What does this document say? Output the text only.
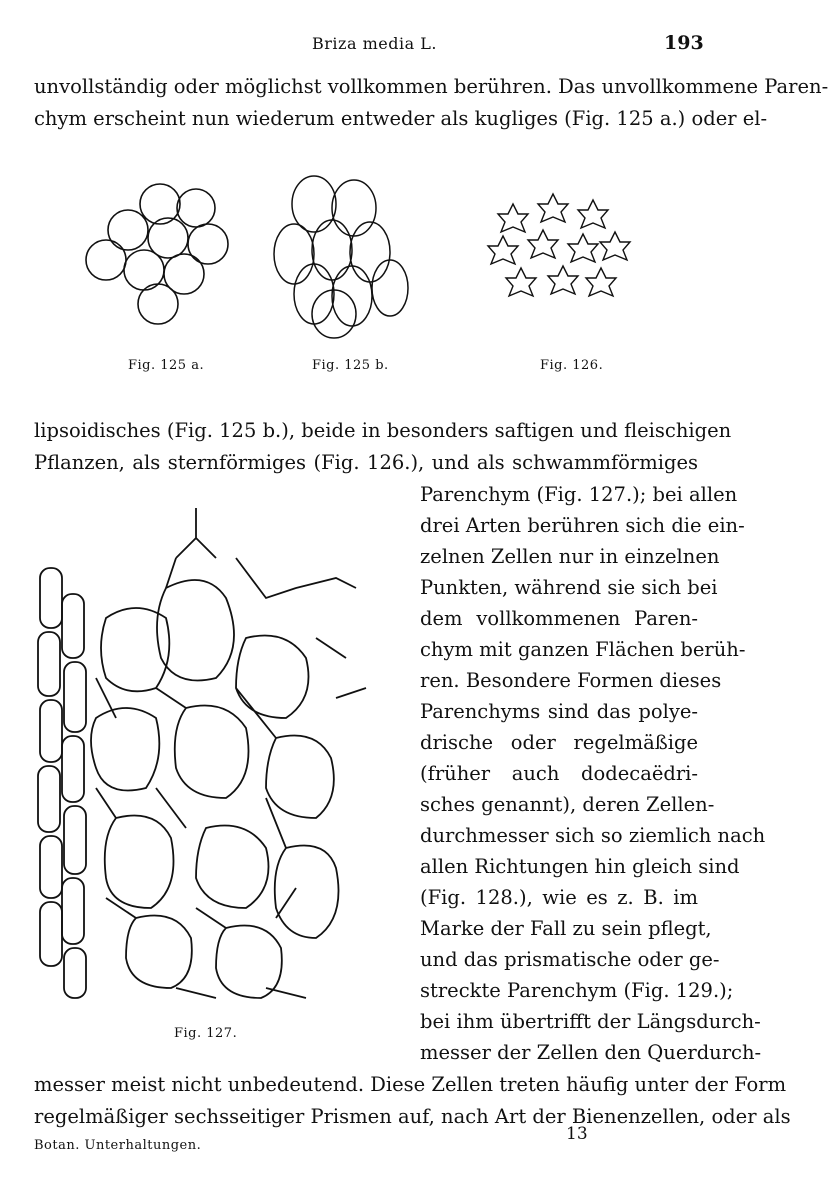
Briza media L.	193
unvollständig oder möglichst vollkommen berühren. Das unvollkommene Paren-
chym erscheint nun wiederum entweder als kugliges (Fig. 125 a.) oder el-
Fig. 125 a.	Fig. 125 b.	Fig. 126.
lipsoidisches (Fig. 125 b.), beide in besonders saftigen und fleischigen
Pflanzen, als sternförmiges (Fig. 126.), und als schwammförmiges
Fig. 127.
Parenchym (Fig. 127.); bei allen
drei Arten berühren sich die ein-
zelnen Zellen nur in einzelnen
Punkten, während sie sich bei
dem vollkommenen Paren-
chym mit ganzen Flächen berüh-
ren. Besondere Formen dieses
Parenchyms sind das polye-
drische oder regelmäßige
(früher auch dodecaëdri-
sches genannt), deren Zellen-
durchmesser sich so ziemlich nach
allen Richtungen hin gleich sind
(Fig. 128.), wie es z. B. im
Marke der Fall zu sein pflegt,
und das prismatische oder ge-
streckte Parenchym (Fig. 129.);
bei ihm übertrifft der Längsdurch-
messer der Zellen den Querdurch-
messer meist nicht unbedeutend. Diese Zellen treten häufig unter der Form
regelmäßiger sechsseitiger Prismen auf, nach Art der Bienenzellen, oder als
Botan. Unterhaltungen.
13
